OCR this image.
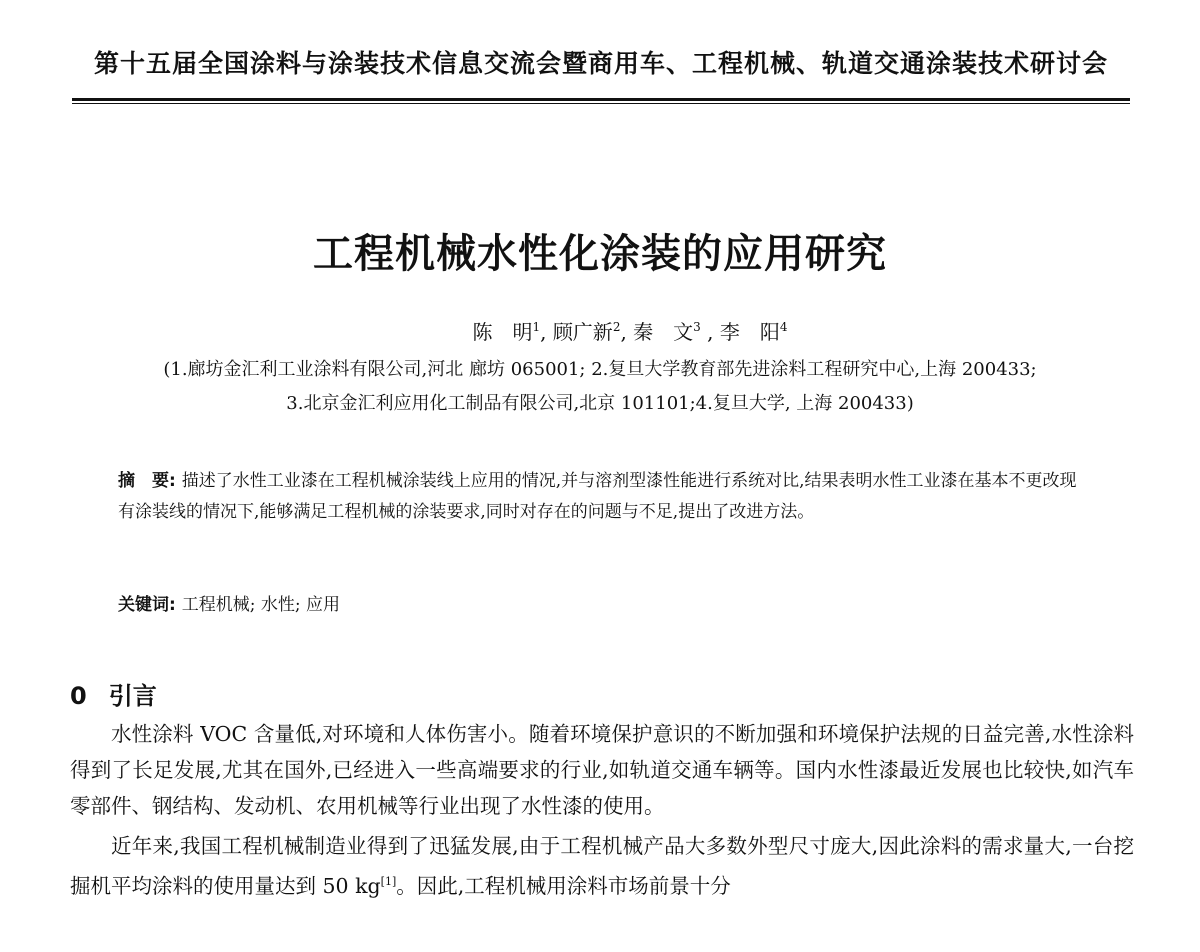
第十五届全国涂料与涂装技术信息交流会暨商用车、工程机械、轨道交通涂装技术研讨会
工程机械水性化涂装的应用研究
陈　明$^1$, 顾广新$^2$, 秦　文$^3$ , 李　阳$^4$
(1.廊坊金汇利工业涂料有限公司,河北 廊坊 065001; 2.复旦大学教育部先进涂料工程研究中心,上海 200433;
3.北京金汇利应用化工制品有限公司,北京 101101;4.复旦大学, 上海 200433)
摘　要: 描述了水性工业漆在工程机械涂装线上应用的情况,并与溶剂型漆性能进行系统对比,结果表明水性工业漆在基本不更改现有涂装线的情况下,能够满足工程机械的涂装要求,同时对存在的问题与不足,提出了改进方法。
关键词: 工程机械; 水性; 应用
0 引言

水性涂料 VOC 含量低,对环境和人体伤害小。随着环境保护意识的不断加强和环境保护法规的日益完善,水性涂料得到了长足发展,尤其在国外,已经进入一些高端要求的行业,如轨道交通车辆等。国内水性漆最近发展也比较快,如汽车零部件、钢结构、发动机、农用机械等行业出现了水性漆的使用。

近年来,我国工程机械制造业得到了迅猛发展,由于工程机械产品大多数外型尺寸庞大,因此涂料的需求量大,一台挖掘机平均涂料的使用量达到 50 kg[1]。因此,工程机械用涂料市场前景十分
